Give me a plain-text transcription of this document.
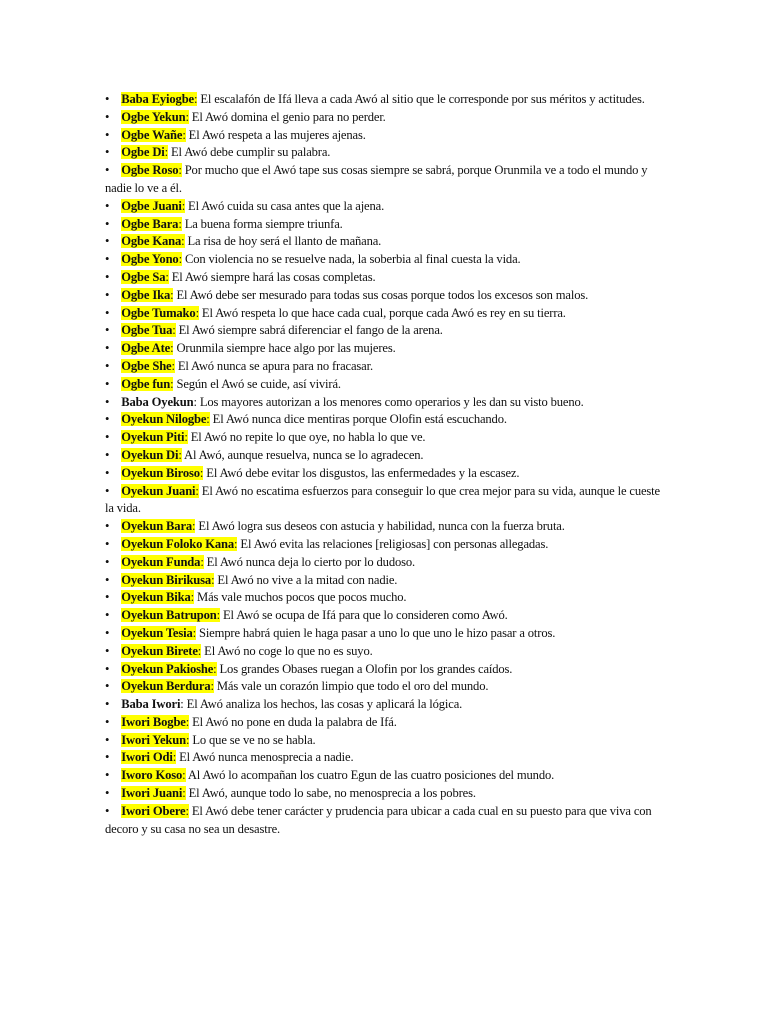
• Baba Eyiogbe: El escalafón de Ifá lleva a cada Awó al sitio que le corresponde por sus méritos y actitudes.

• Ogbe Yekun: El Awó domina el genio para no perder.

• Ogbe Wañe: El Awó respeta a las mujeres ajenas.

• Ogbe Di: El Awó debe cumplir su palabra.

• Ogbe Roso: Por mucho que el Awó tape sus cosas siempre se sabrá, porque Orunmila ve a todo el mundo y nadie lo ve a él.

• Ogbe Juani: El Awó cuida su casa antes que la ajena.

• Ogbe Bara: La buena forma siempre triunfa.

• Ogbe Kana: La risa de hoy será el llanto de mañana.

• Ogbe Yono: Con violencia no se resuelve nada, la soberbia al final cuesta la vida.

• Ogbe Sa: El Awó siempre hará las cosas completas.

• Ogbe Ika: El Awó debe ser mesurado para todas sus cosas porque todos los excesos son malos.

• Ogbe Tumako: El Awó respeta lo que hace cada cual, porque cada Awó es rey en su tierra.

• Ogbe Tua: El Awó siempre sabrá diferenciar el fango de la arena.

• Ogbe Ate: Orunmila siempre hace algo por las mujeres.

• Ogbe She: El Awó nunca se apura para no fracasar.

• Ogbe fun: Según el Awó se cuide, así vivirá.

• Baba Oyekun: Los mayores autorizan a los menores como operarios y les dan su visto bueno.

• Oyekun Nilogbe: El Awó nunca dice mentiras porque Olofin está escuchando.

• Oyekun Piti: El Awó no repite lo que oye, no habla lo que ve.

• Oyekun Di: Al Awó, aunque resuelva, nunca se lo agradecen.

• Oyekun Biroso: El Awó debe evitar los disgustos, las enfermedades y la escasez.

• Oyekun Juani: El Awó no escatima esfuerzos para conseguir lo que crea mejor para su vida, aunque le cueste la vida.

• Oyekun Bara: El Awó logra sus deseos con astucia y habilidad, nunca con la fuerza bruta.

• Oyekun Foloko Kana: El Awó evita las relaciones [religiosas] con personas allegadas.

• Oyekun Funda: El Awó nunca deja lo cierto por lo dudoso.

• Oyekun Birikusa: El Awó no vive a la mitad con nadie.

• Oyekun Bika: Más vale muchos pocos que pocos mucho.

• Oyekun Batrupon: El Awó se ocupa de Ifá para que lo consideren como Awó.

• Oyekun Tesia: Siempre habrá quien le haga pasar a uno lo que uno le hizo pasar a otros.

• Oyekun Birete: El Awó no coge lo que no es suyo.

• Oyekun Pakioshe: Los grandes Obases ruegan a Olofin por los grandes caídos.

• Oyekun Berdura: Más vale un corazón limpio que todo el oro del mundo.

• Baba Iwori: El Awó analiza los hechos, las cosas y aplicará la lógica.

• Iwori Bogbe: El Awó no pone en duda la palabra de Ifá.

• Iwori Yekun: Lo que se ve no se habla.

• Iwori Odi: El Awó nunca menosprecia a nadie.

• Iworo Koso: Al Awó lo acompañan los cuatro Egun de las cuatro posiciones del mundo.

• Iwori Juani: El Awó, aunque todo lo sabe, no menosprecia a los pobres.

• Iwori Obere: El Awó debe tener carácter y prudencia para ubicar a cada cual en su puesto para que viva con decoro y su casa no sea un desastre.
